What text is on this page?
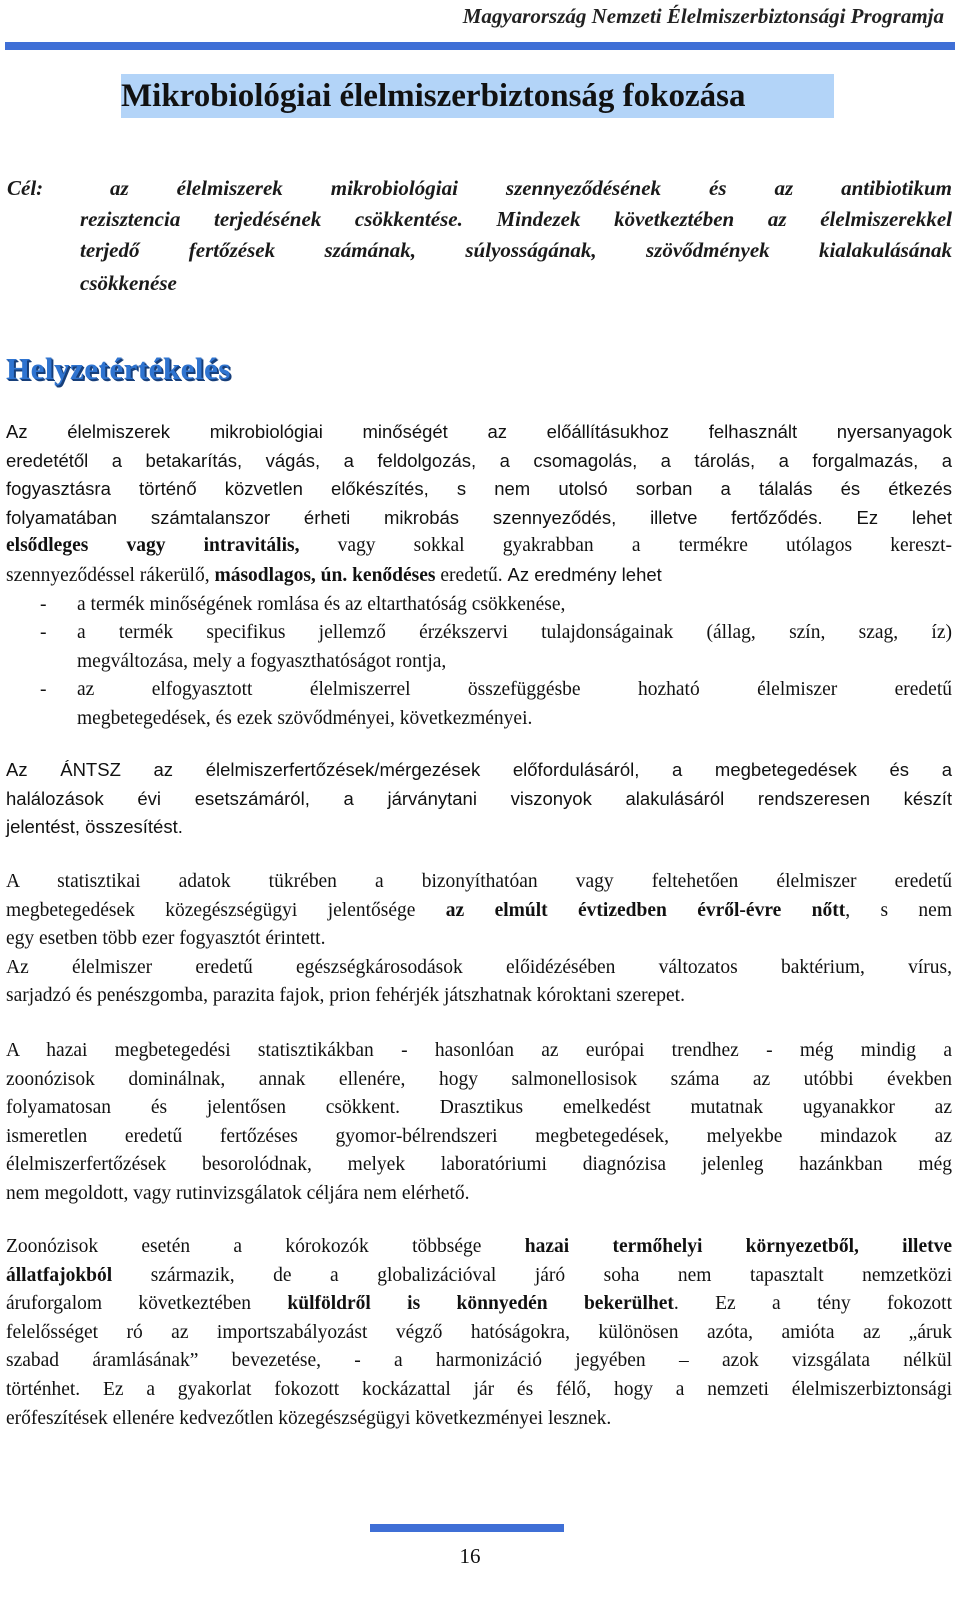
Magyarország Nemzeti Élelmiszerbiztonsági Programja
Mikrobiológiai élelmiszerbiztonság fokozása
Cél:	az élelmiszerek mikrobiológiai szennyeződésének és az antibiotikum
rezisztencia terjedésének csökkentése. Mindezek következtében az élelmiszerekkel
terjedő fertőzések számának, súlyosságának, szövődmények kialakulásának
csökkenése
Helyzetértékelés
Az élelmiszerek mikrobiológiai minőségét az előállításukhoz felhasznált nyersanyagok
eredetétől a betakarítás, vágás, a feldolgozás, a csomagolás, a tárolás, a forgalmazás, a
fogyasztásra történő közvetlen előkészítés, s nem utolsó sorban a tálalás és étkezés
folyamatában számtalanszor érheti mikrobás szennyeződés, illetve fertőződés. Ez lehet
elsődleges vagy intravitális, vagy sokkal gyakrabban a termékre utólagos kereszt-
szennyeződéssel rákerülő, másodlagos, ún. kenődéses eredetű. Az eredmény lehet
- a termék minőségének romlása és az eltarthatóság csökkenése,
- a termék specifikus jellemző érzékszervi tulajdonságainak (állag, szín, szag, íz)
megváltozása, mely a fogyaszthatóságot rontja,
- az elfogyasztott élelmiszerrel összefüggésbe hozható élelmiszer eredetű
megbetegedések, és ezek szövődményei, következményei.
Az ÁNTSZ az élelmiszerfertőzések/mérgezések előfordulásáról, a megbetegedések és a
halálozások évi esetszámáról, a járványtani viszonyok alakulásáról rendszeresen készít
jelentést, összesítést.
A statisztikai adatok tükrében a bizonyíthatóan vagy feltehetően élelmiszer eredetű
megbetegedések közegészségügyi jelentősége az elmúlt évtizedben évről-évre nőtt, s nem
egy esetben több ezer fogyasztót érintett.
Az élelmiszer eredetű egészségkárosodások előidézésében változatos baktérium, vírus,
sarjadzó és penészgomba, parazita fajok, prion fehérjék játszhatnak kóroktani szerepet.
A hazai megbetegedési statisztikákban - hasonlóan az európai trendhez - még mindig a
zoonózisok dominálnak, annak ellenére, hogy salmonellosisok száma az utóbbi években
folyamatosan és jelentősen csökkent. Drasztikus emelkedést mutatnak ugyanakkor az
ismeretlen eredetű fertőzéses gyomor-bélrendszeri megbetegedések, melyekbe mindazok az
élelmiszerfertőzések besorolódnak, melyek laboratóriumi diagnózisa jelenleg hazánkban még
nem megoldott, vagy rutinvizsgálatok céljára nem elérhető.
Zoonózisok esetén a kórokozók többsége hazai termőhelyi környezetből, illetve
állatfajokból származik, de a globalizációval járó soha nem tapasztalt nemzetközi
áruforgalom következtében külföldről is könnyedén bekerülhet. Ez a tény fokozott
felelősséget ró az importszabályozást végző hatóságokra, különösen azóta, amióta az „áruk
szabad áramlásának” bevezetése, - a harmonizáció jegyében – azok vizsgálata nélkül
történhet. Ez a gyakorlat fokozott kockázattal jár és félő, hogy a nemzeti élelmiszerbiztonsági
erőfeszítések ellenére kedvezőtlen közegészségügyi következményei lesznek.
16
